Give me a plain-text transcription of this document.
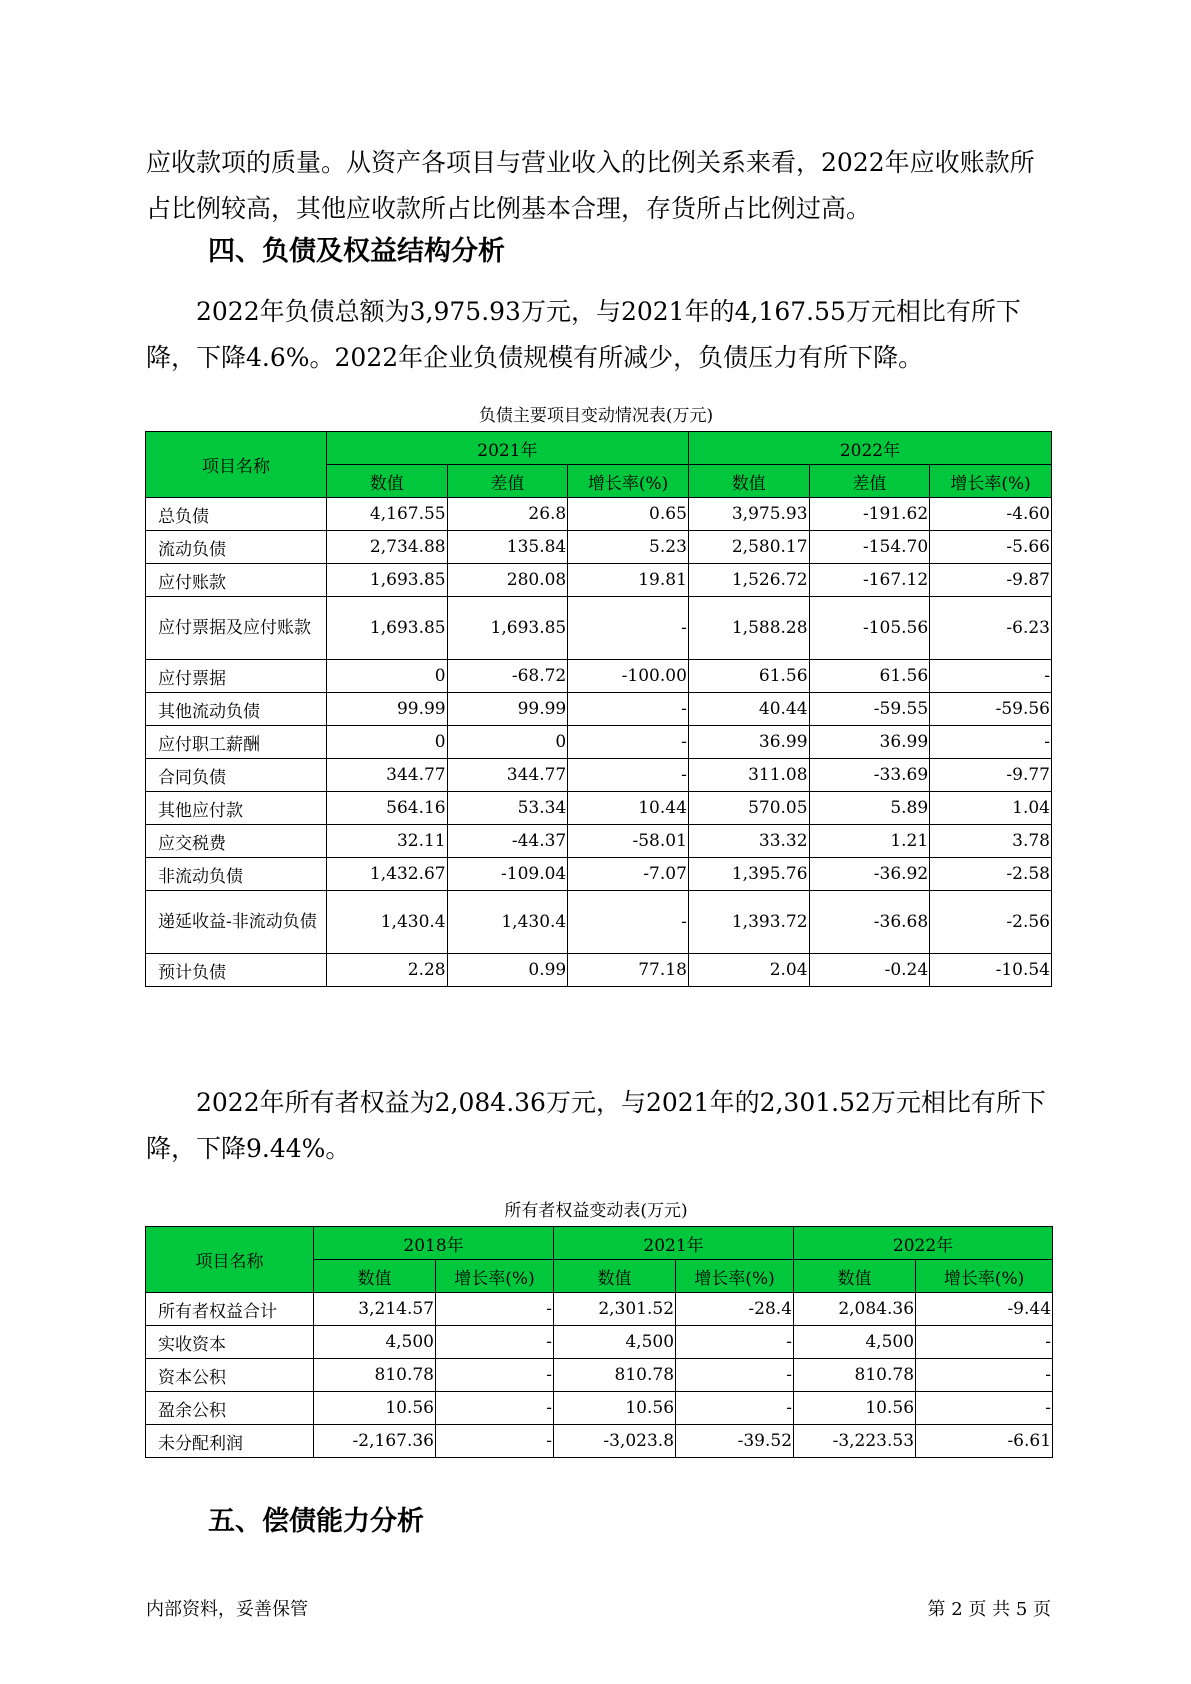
应收款项的质量。从资产各项目与营业收入的比例关系来看，2022年应收账款所占比例较高，其他应收款所占比例基本合理，存货所占比例过高。

四、负债及权益结构分析

2022年负债总额为3,975.93万元，与2021年的4,167.55万元相比有所下降，下降4.6%。2022年企业负债规模有所减少，负债压力有所下降。

负债主要项目变动情况表(万元)
项目名称	2021年			2022年		
	数值	差值	增长率(%)	数值	差值	增长率(%)
总负债	4,167.55	26.8	0.65	3,975.93	-191.62	-4.60
流动负债	2,734.88	135.84	5.23	2,580.17	-154.70	-5.66
应付账款	1,693.85	280.08	19.81	1,526.72	-167.12	-9.87
应付票据及应付账款	1,693.85	1,693.85	-	1,588.28	-105.56	-6.23
应付票据	0	-68.72	-100.00	61.56	61.56	-
其他流动负债	99.99	99.99	-	40.44	-59.55	-59.56
应付职工薪酬	0	0	-	36.99	36.99	-
合同负债	344.77	344.77	-	311.08	-33.69	-9.77
其他应付款	564.16	53.34	10.44	570.05	5.89	1.04
应交税费	32.11	-44.37	-58.01	33.32	1.21	3.78
非流动负债	1,432.67	-109.04	-7.07	1,395.76	-36.92	-2.58
递延收益-非流动负债	1,430.4	1,430.4	-	1,393.72	-36.68	-2.56
预计负债	2.28	0.99	77.18	2.04	-0.24	-10.54

2022年所有者权益为2,084.36万元，与2021年的2,301.52万元相比有所下降，下降9.44%。

所有者权益变动表(万元)
项目名称	2018年		2021年		2022年	
	数值	增长率(%)	数值	增长率(%)	数值	增长率(%)
所有者权益合计	3,214.57	-	2,301.52	-28.4	2,084.36	-9.44
实收资本	4,500	-	4,500	-	4,500	-
资本公积	810.78	-	810.78	-	810.78	-
盈余公积	10.56	-	10.56	-	10.56	-
未分配利润	-2,167.36	-	-3,023.8	-39.52	-3,223.53	-6.61
五、偿债能力分析
内部资料，妥善保管	第 2 页 共 5 页
